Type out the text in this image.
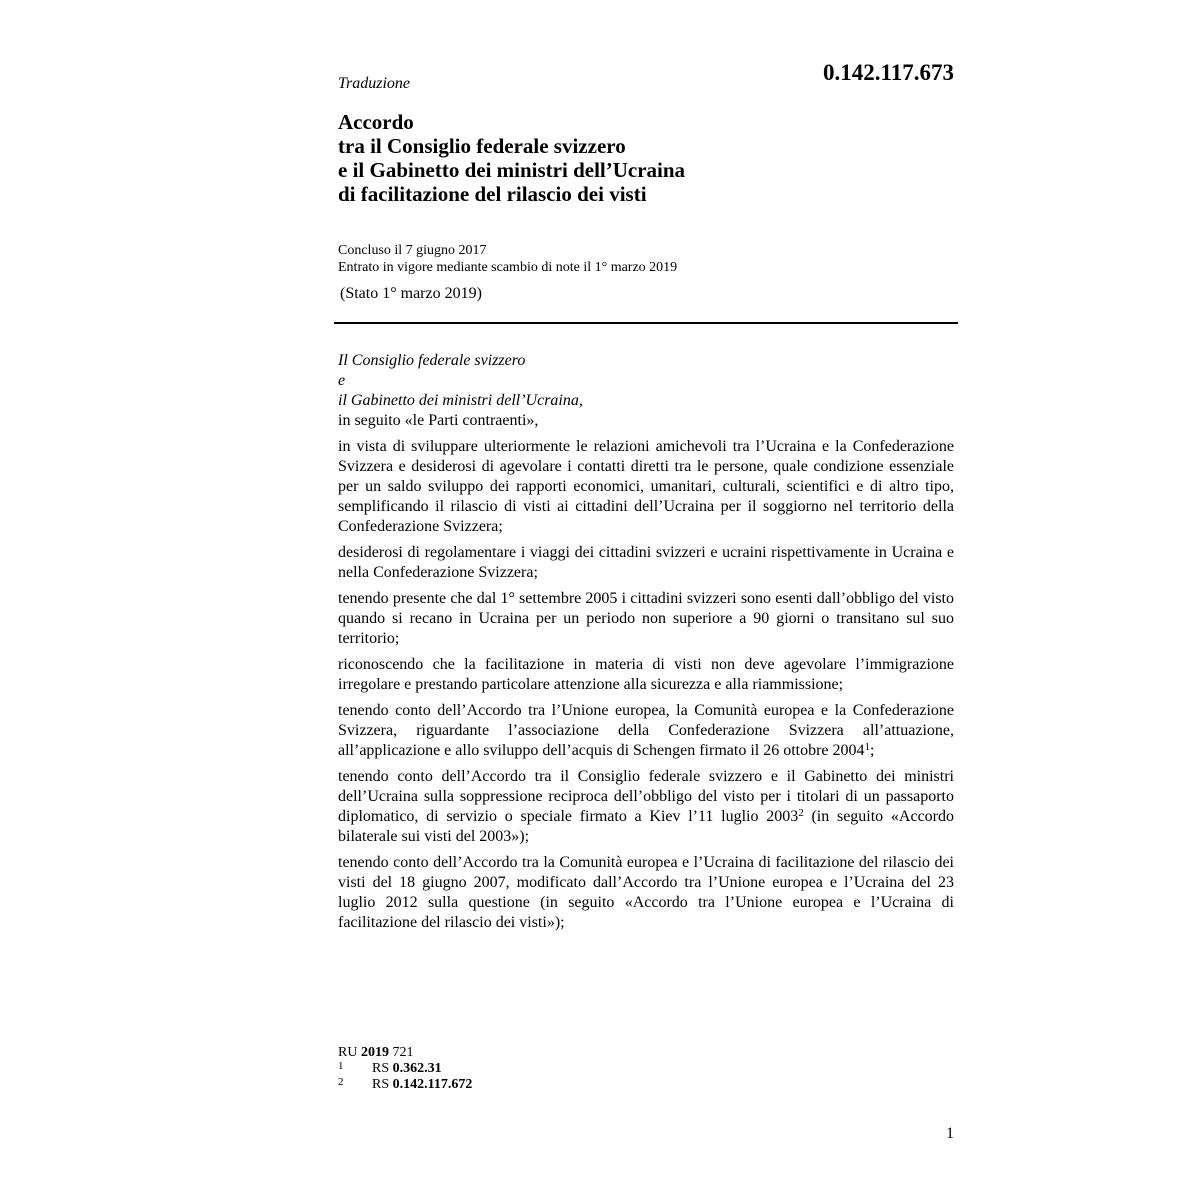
Traduzione	0.142.117.673
Accordo
tra il Consiglio federale svizzero
e il Gabinetto dei ministri dell’Ucraina
di facilitazione del rilascio dei visti
Concluso il 7 giugno 2017
Entrato in vigore mediante scambio di note il 1° marzo 2019
(Stato 1° marzo 2019)
Il Consiglio federale svizzero
e
il Gabinetto dei ministri dell’Ucraina,
in seguito «le Parti contraenti»,
in vista di sviluppare ulteriormente le relazioni amichevoli tra l’Ucraina e la Confederazione Svizzera e desiderosi di agevolare i contatti diretti tra le persone, quale condizione essenziale per un saldo sviluppo dei rapporti economici, umanitari, culturali, scientifici e di altro tipo, semplificando il rilascio di visti ai cittadini dell’Ucraina per il soggiorno nel territorio della Confederazione Svizzera;
desiderosi di regolamentare i viaggi dei cittadini svizzeri e ucraini rispettivamente in Ucraina e nella Confederazione Svizzera;
tenendo presente che dal 1° settembre 2005 i cittadini svizzeri sono esenti dall’obbligo del visto quando si recano in Ucraina per un periodo non superiore a 90 giorni o transitano sul suo territorio;
riconoscendo che la facilitazione in materia di visti non deve agevolare l’immigrazione irregolare e prestando particolare attenzione alla sicurezza e alla riammissione;
tenendo conto dell’Accordo tra l’Unione europea, la Comunità europea e la Confederazione Svizzera, riguardante l’associazione della Confederazione Svizzera all’attuazione, all’applicazione e allo sviluppo dell’acquis di Schengen firmato il 26 ottobre 2004$^1$;
tenendo conto dell’Accordo tra il Consiglio federale svizzero e il Gabinetto dei ministri dell’Ucraina sulla soppressione reciproca dell’obbligo del visto per i titolari di un passaporto diplomatico, di servizio o speciale firmato a Kiev l’11 luglio 2003$^2$ (in seguito «Accordo bilaterale sui visti del 2003»);
tenendo conto dell’Accordo tra la Comunità europea e l’Ucraina di facilitazione del rilascio dei visti del 18 giugno 2007, modificato dall’Accordo tra l’Unione europea e l’Ucraina del 23 luglio 2012 sulla questione (in seguito «Accordo tra l’Unione europea e l’Ucraina di facilitazione del rilascio dei visti»);
RU 2019 721
1 RS 0.362.31
2 RS 0.142.117.672
1
